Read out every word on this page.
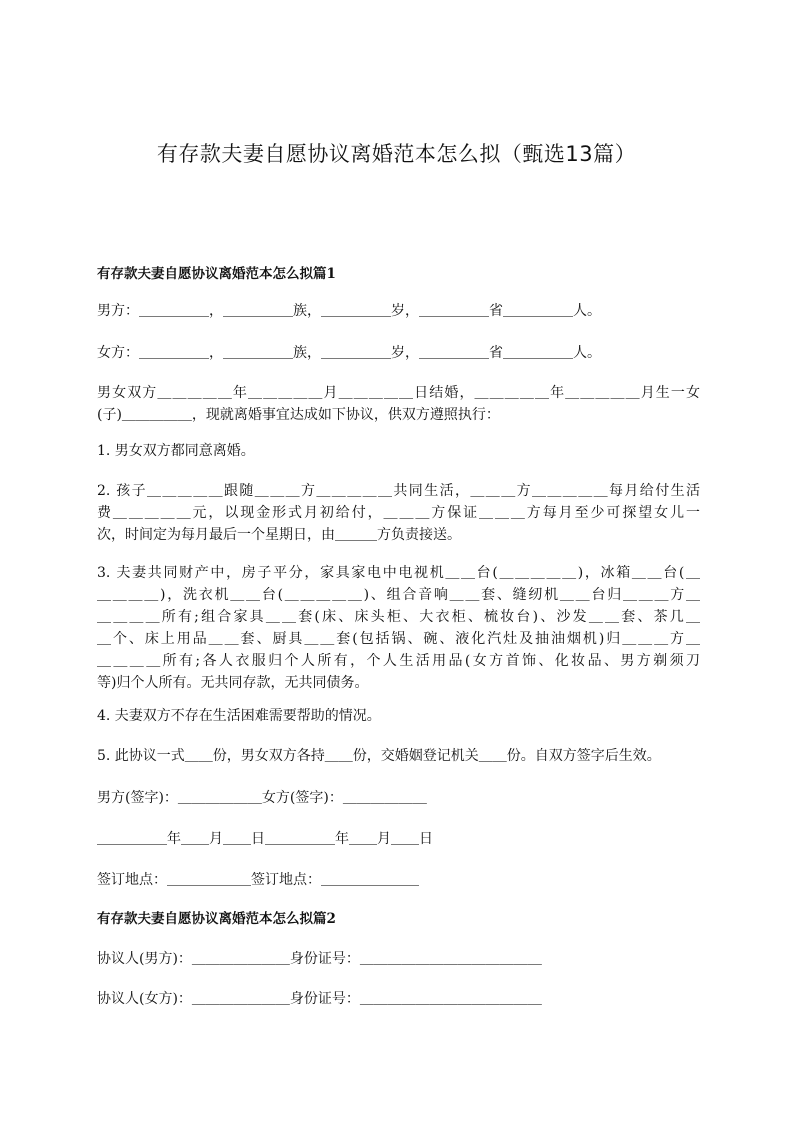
有存款夫妻自愿协议离婚范本怎么拟（甄选13篇）
有存款夫妻自愿协议离婚范本怎么拟篇1
男方：＿＿＿＿＿，＿＿＿＿＿族，＿＿＿＿＿岁，＿＿＿＿＿省＿＿＿＿＿人。
女方：＿＿＿＿＿，＿＿＿＿＿族，＿＿＿＿＿岁，＿＿＿＿＿省＿＿＿＿＿人。
男女双方＿＿＿＿＿年＿＿＿＿＿月＿＿＿＿＿日结婚，＿＿＿＿＿年＿＿＿＿＿月生一女
(子)＿＿＿＿＿，现就离婚事宜达成如下协议，供双方遵照执行：
1. 男女双方都同意离婚。
2. 孩子＿＿＿＿＿跟随＿＿＿方＿＿＿＿＿共同生活，＿＿＿方＿＿＿＿＿每月给付生活
费＿＿＿＿＿元，以现金形式月初给付，＿＿＿方保证＿＿＿方每月至少可探望女儿一
次，时间定为每月最后一个星期日，由＿＿＿方负责接送。
3. 夫妻共同财产中，房子平分，家具家电中电视机＿＿台(＿＿＿＿＿)，冰箱＿＿台(＿
＿＿＿＿)，洗衣机＿＿台(＿＿＿＿＿)、组合音响＿＿套、缝纫机＿＿台归＿＿＿方＿
＿＿＿＿所有;组合家具＿＿套(床、床头柜、大衣柜、梳妆台)、沙发＿＿套、茶几＿
＿个、床上用品＿＿套、厨具＿＿套(包括锅、碗、液化汽灶及抽油烟机)归＿＿＿方＿
＿＿＿＿所有;各人衣服归个人所有，个人生活用品(女方首饰、化妆品、男方剃须刀
等)归个人所有。无共同存款，无共同债务。
4. 夫妻双方不存在生活困难需要帮助的情况。
5. 此协议一式＿＿份，男女双方各持＿＿份，交婚姻登记机关＿＿份。自双方签字后生效。
男方(签字)：＿＿＿＿＿＿女方(签字)：＿＿＿＿＿＿
＿＿＿＿＿年＿＿月＿＿日＿＿＿＿＿年＿＿月＿＿日
签订地点：＿＿＿＿＿＿签订地点：＿＿＿＿＿＿＿
有存款夫妻自愿协议离婚范本怎么拟篇2
协议人(男方)：＿＿＿＿＿＿＿身份证号：＿＿＿＿＿＿＿＿＿＿＿＿＿
协议人(女方)：＿＿＿＿＿＿＿身份证号：＿＿＿＿＿＿＿＿＿＿＿＿＿
